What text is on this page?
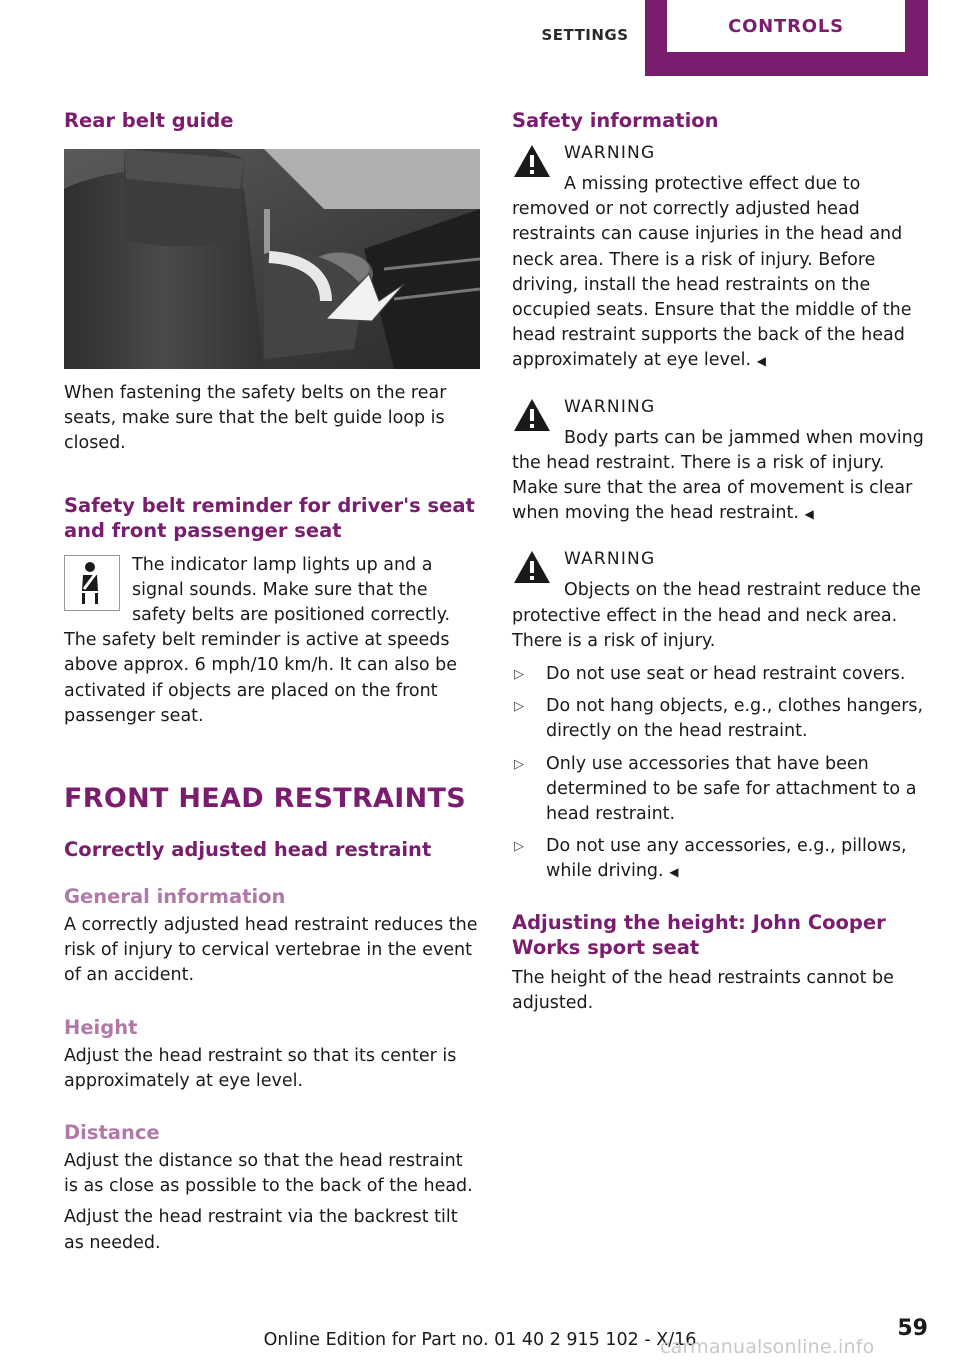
SETTINGS	CONTROLS
Rear belt guide
When fastening the safety belts on the rear seats, make sure that the belt guide loop is closed.
Safety belt reminder for driver's seat and front passenger seat
The indicator lamp lights up and a signal sounds. Make sure that the safety belts are positioned correctly. The safety belt reminder is active at speeds above approx. 6 mph/10 km/h. It can also be activated if objects are placed on the front passenger seat.
FRONT HEAD RESTRAINTS
Correctly adjusted head restraint
General information
A correctly adjusted head restraint reduces the risk of injury to cervical vertebrae in the event of an accident.
Height
Adjust the head restraint so that its center is approximately at eye level.
Distance
Adjust the distance so that the head restraint is as close as possible to the back of the head.
Adjust the head restraint via the backrest tilt as needed.
Safety information
WARNING
A missing protective effect due to removed or not correctly adjusted head restraints can cause injuries in the head and neck area. There is a risk of injury. Before driving, install the head restraints on the occupied seats. Ensure that the middle of the head restraint supports the back of the head approximately at eye level. ◀
WARNING
Body parts can be jammed when moving the head restraint. There is a risk of injury. Make sure that the area of movement is clear when moving the head restraint. ◀
WARNING
Objects on the head restraint reduce the protective effect in the head and neck area. There is a risk of injury.
▷ Do not use seat or head restraint covers.
▷ Do not hang objects, e.g., clothes hangers, directly on the head restraint.
▷ Only use accessories that have been determined to be safe for attachment to a head restraint.
▷ Do not use any accessories, e.g., pillows, while driving. ◀
Adjusting the height: John Cooper Works sport seat
The height of the head restraints cannot be adjusted.
59
Online Edition for Part no. 01 40 2 915 102 - X/16
carmanualsonline.info
